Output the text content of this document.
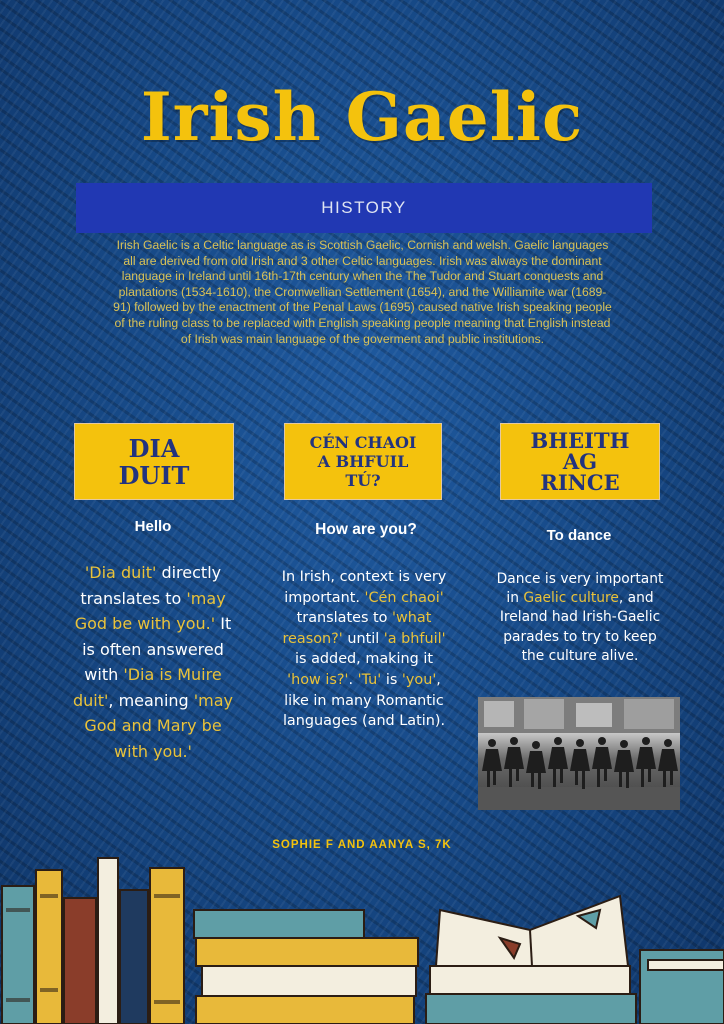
Irish Gaelic
HISTORY
Irish Gaelic is a Celtic language as is Scottish Gaelic, Cornish and welsh. Gaelic languages all are derived from old Irish and 3 other Celtic languages. Irish was always the dominant language in Ireland until 16th-17th century when the The Tudor and Stuart conquests and plantations (1534-1610), the Cromwellian Settlement (1654), and the Williamite war (1689-91) followed by the enactment of the Penal Laws (1695) caused native Irish speaking people of the ruling class to be replaced with English speaking people meaning that English instead of Irish was main language of the goverment and public institutions.
DIA
DUIT
Hello
'Dia duit' directly translates to 'may God be with you.' It is often answered with 'Dia is Muire duit', meaning 'may God and Mary be with you.'
CÉN CHAOI
A BHFUIL
TÚ?
How are you?
In Irish, context is very important. 'Cén chaoi' translates to 'what reason?' until 'a bhfuil' is added, making it 'how is?'. 'Tu' is 'you', like in many Romantic languages (and Latin).
BHEITH
AG
RINCE
To dance
Dance is very important in Gaelic culture, and Ireland had Irish-Gaelic parades to try to keep the culture alive.
SOPHIE F AND AANYA S, 7K
